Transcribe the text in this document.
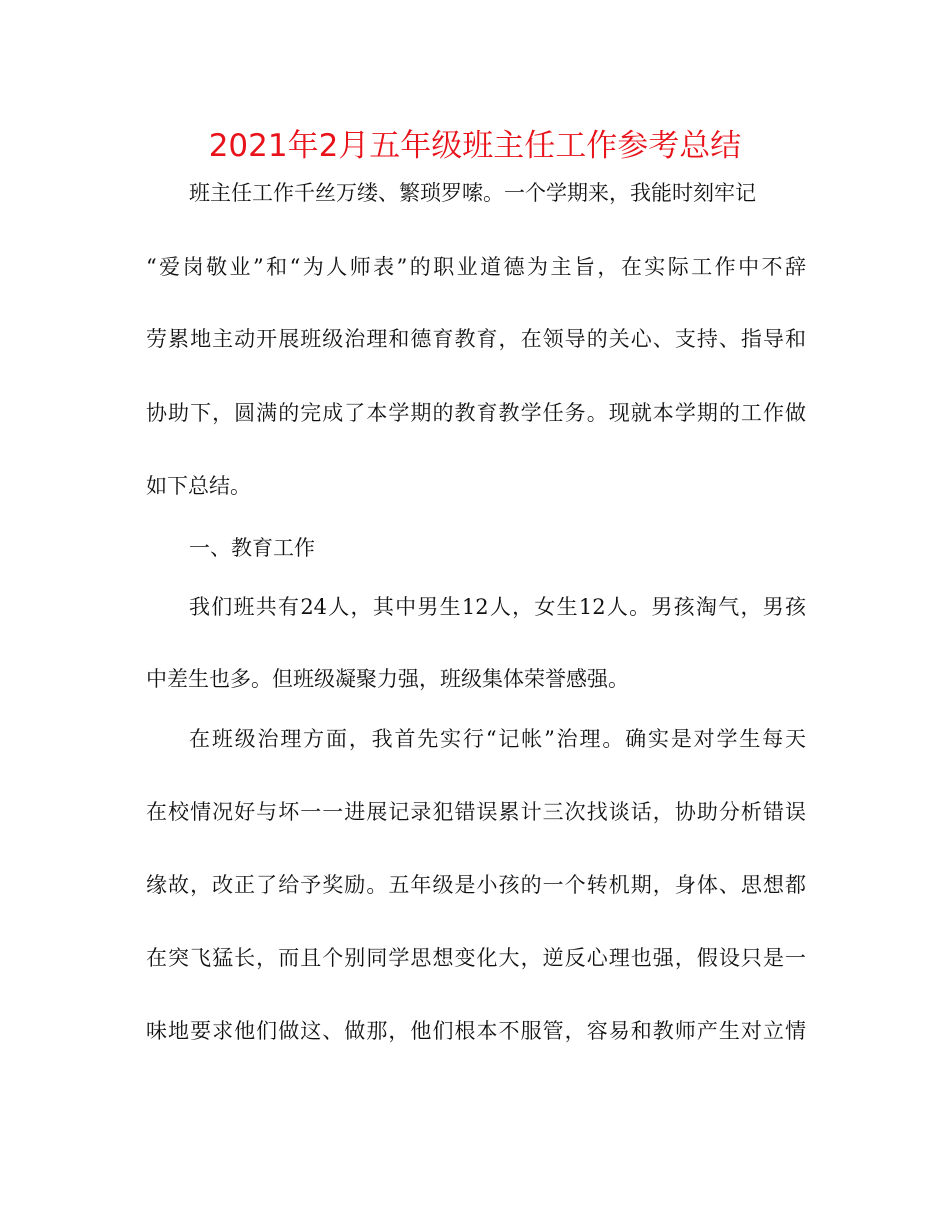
2021年2月五年级班主任工作参考总结
班主任工作千丝万缕、繁琐罗嗦。一个学期来，我能时刻牢记
“爱岗敬业”和“为人师表”的职业道德为主旨，在实际工作中不辞
劳累地主动开展班级治理和德育教育，在领导的关心、支持、指导和
协助下，圆满的完成了本学期的教育教学任务。现就本学期的工作做
如下总结。
一、教育工作
我们班共有24人，其中男生12人，女生12人。男孩淘气，男孩
中差生也多。但班级凝聚力强，班级集体荣誉感强。
在班级治理方面，我首先实行“记帐”治理。确实是对学生每天
在校情况好与坏一一进展记录犯错误累计三次找谈话，协助分析错误
缘故，改正了给予奖励。五年级是小孩的一个转机期，身体、思想都
在突飞猛长，而且个别同学思想变化大，逆反心理也强，假设只是一
味地要求他们做这、做那，他们根本不服管，容易和教师产生对立情
